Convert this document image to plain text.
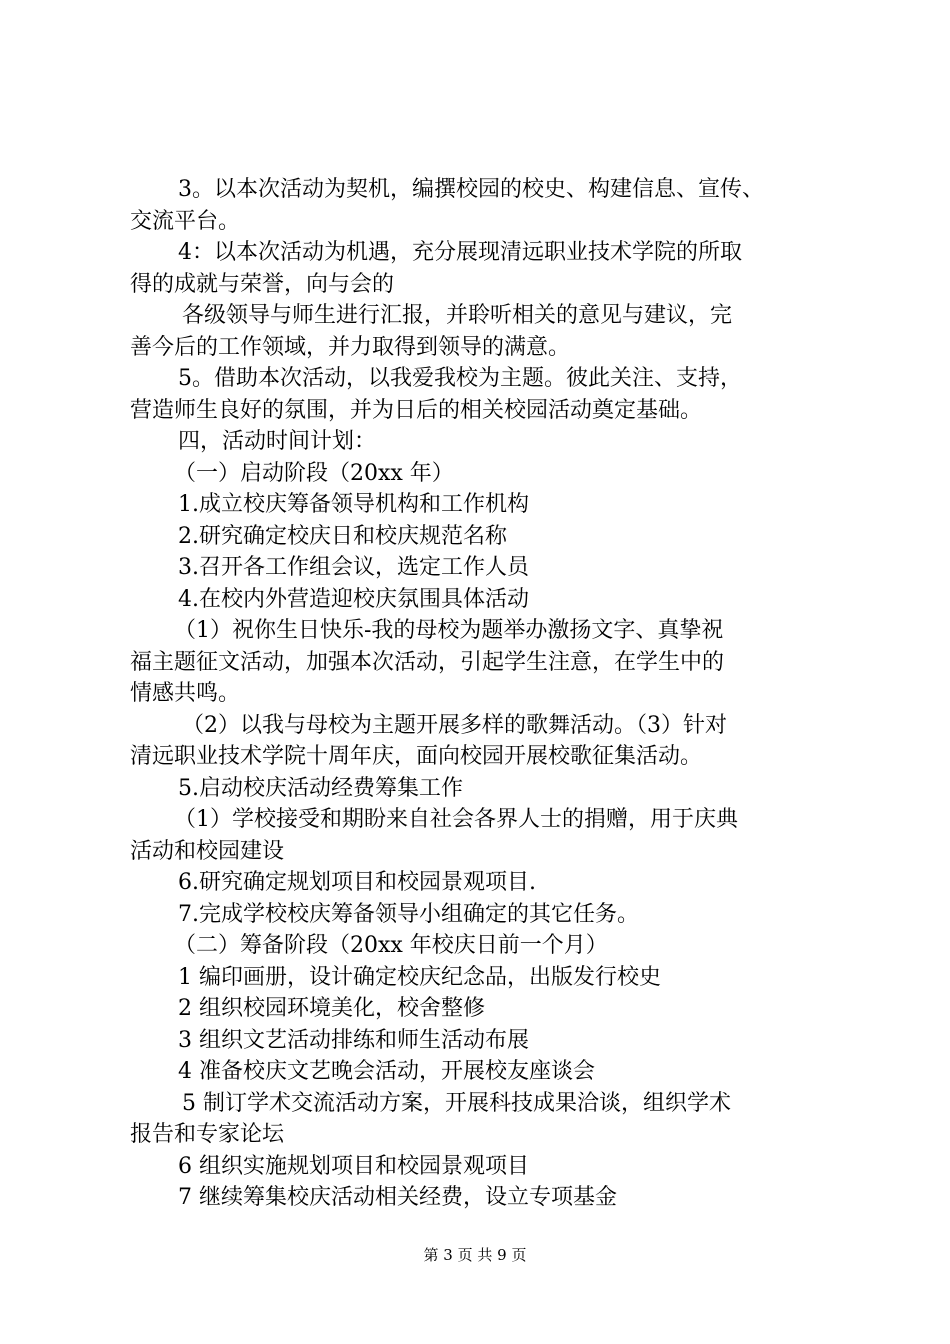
3。以本次活动为契机，编撰校园的校史、构建信息、宣传、
交流平台。
4：以本次活动为机遇，充分展现清远职业技术学院的所取
得的成就与荣誉，向与会的
各级领导与师生进行汇报，并聆听相关的意见与建议，完
善今后的工作领域，并力取得到领导的满意。
5。借助本次活动，以我爱我校为主题。彼此关注、支持，
营造师生良好的氛围，并为日后的相关校园活动奠定基础。
四，活动时间计划：
（一）启动阶段（20xx 年）
1.成立校庆筹备领导机构和工作机构
2.研究确定校庆日和校庆规范名称
3.召开各工作组会议，选定工作人员
4.在校内外营造迎校庆氛围具体活动
（1）祝你生日快乐-我的母校为题举办激扬文字、真挚祝
福主题征文活动，加强本次活动，引起学生注意，在学生中的
情感共鸣。
（2）以我与母校为主题开展多样的歌舞活动。（3）针对
清远职业技术学院十周年庆，面向校园开展校歌征集活动。
5.启动校庆活动经费筹集工作
（1）学校接受和期盼来自社会各界人士的捐赠，用于庆典
活动和校园建设
6.研究确定规划项目和校园景观项目.
7.完成学校校庆筹备领导小组确定的其它任务。
（二）筹备阶段（20xx 年校庆日前一个月）
1 编印画册，设计确定校庆纪念品，出版发行校史
2 组织校园环境美化，校舍整修
3 组织文艺活动排练和师生活动布展
4 准备校庆文艺晚会活动，开展校友座谈会
5 制订学术交流活动方案，开展科技成果洽谈，组织学术
报告和专家论坛
6 组织实施规划项目和校园景观项目
7 继续筹集校庆活动相关经费，设立专项基金
第 3 页 共 9 页
